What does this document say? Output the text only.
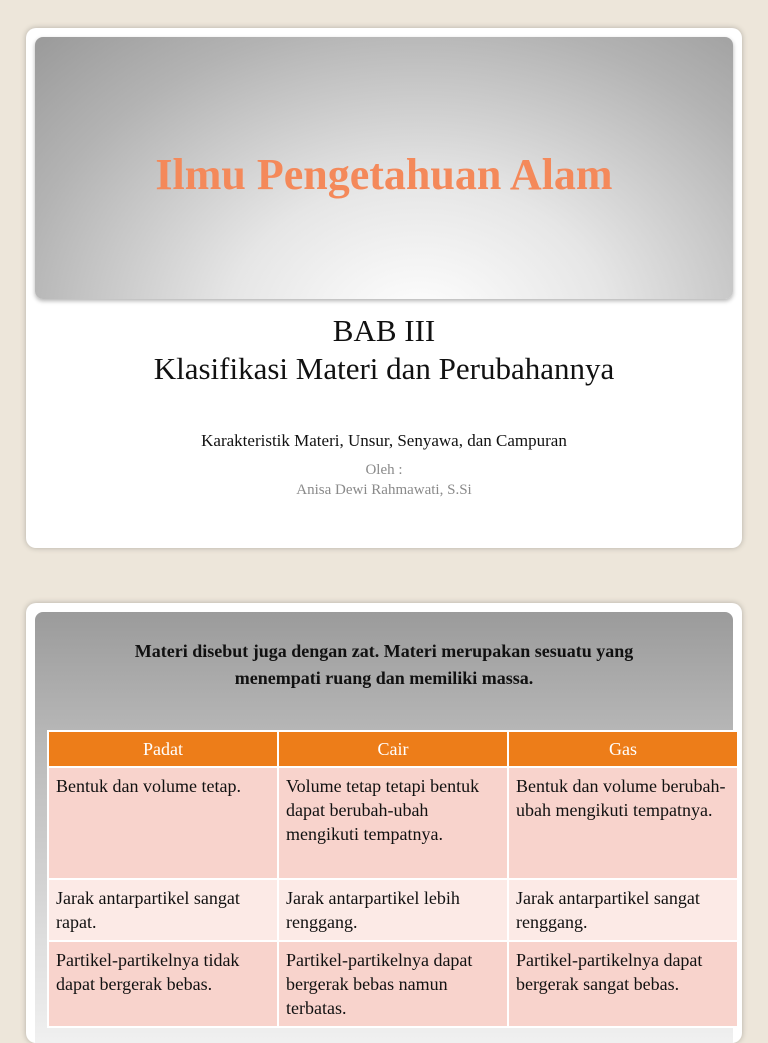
Ilmu Pengetahuan Alam
BAB III
Klasifikasi Materi dan Perubahannya
Karakteristik Materi, Unsur, Senyawa, dan Campuran
Oleh :
Anisa Dewi Rahmawati, S.Si
Materi disebut juga dengan zat. Materi merupakan sesuatu yang
menempati ruang dan memiliki massa.
Padat	Cair	Gas
Bentuk dan volume tetap.	Volume tetap tetapi bentuk dapat berubah-ubah mengikuti tempatnya.	Bentuk dan volume berubah-ubah mengikuti tempatnya.
Jarak antarpartikel sangat rapat.	Jarak antarpartikel lebih renggang.	Jarak antarpartikel sangat renggang.
Partikel-partikelnya tidak dapat bergerak bebas.	Partikel-partikelnya dapat bergerak bebas namun terbatas.	Partikel-partikelnya dapat bergerak sangat bebas.
